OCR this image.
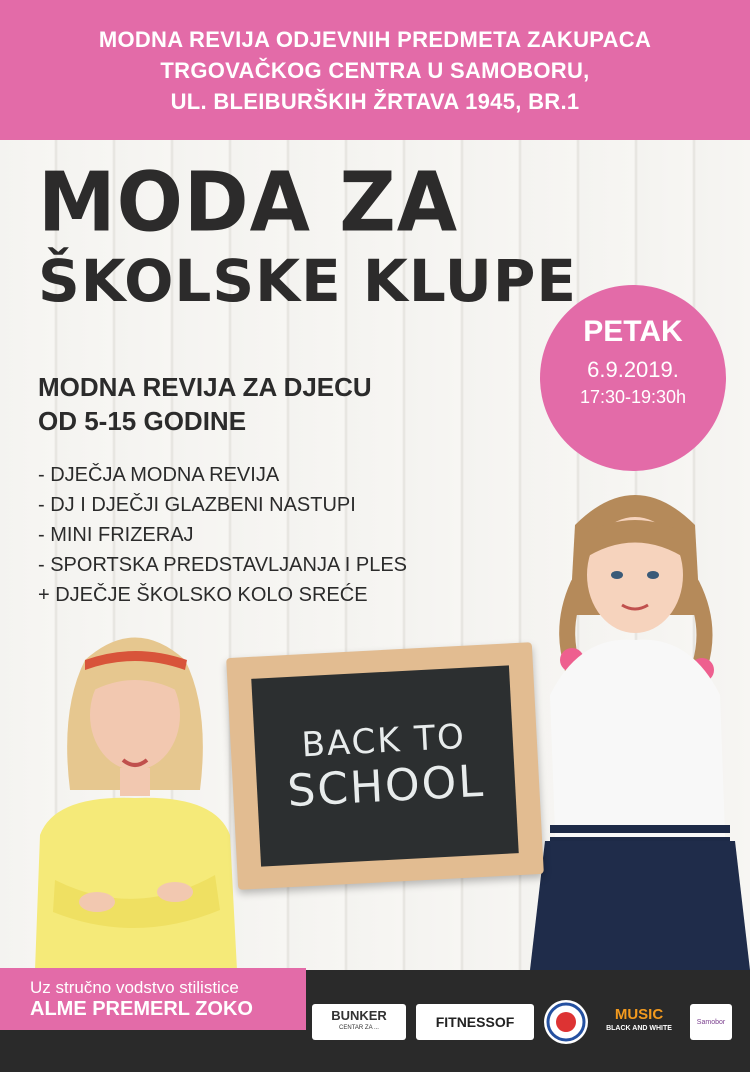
MODNA REVIJA ODJEVNIH PREDMETA ZAKUPACA
TRGOVAČKOG CENTRA U SAMOBORU,
UL. BLEIBURŠKIH ŽRTAVA 1945, BR.1
MODA ZA
ŠKOLSKE KLUPE
PETAK
6.9.2019.
17:30-19:30h
MODNA REVIJA ZA DJECU
OD 5-15 GODINE
- DJEČJA MODNA REVIJA
- DJ I DJEČJI GLAZBENI NASTUPI
- MINI FRIZERAJ
- SPORTSKA PREDSTAVLJANJA I PLES
+ DJEČJE ŠKOLSKO KOLO SREĆE
BACK TO
SCHOOL
Uz stručno vodstvo stilistice
ALME PREMERL ZOKO	BUNKER
CENTAR ZA ...	FITNESS OF	MUSIC
BLACK AND WHITE
Samobor
